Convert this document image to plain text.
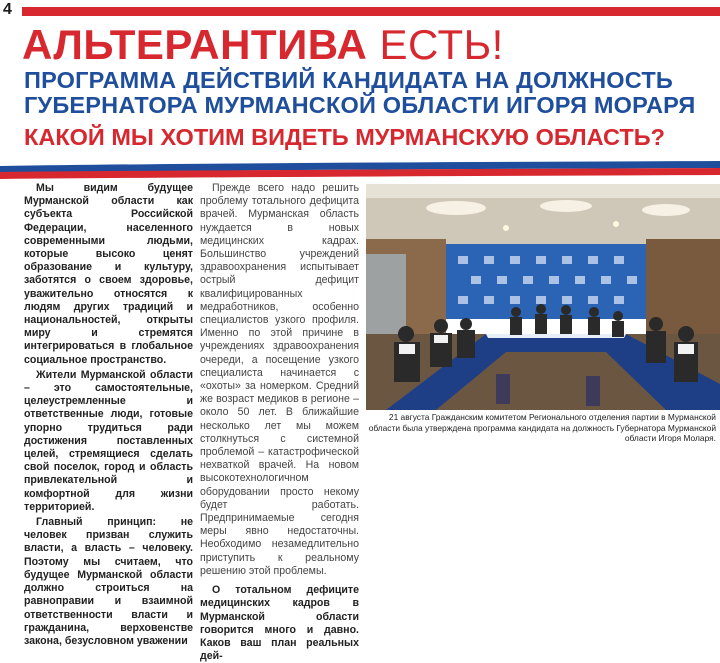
4
АЛЬТЕРАНТИВА ЕСТЬ!
ПРОГРАММА ДЕЙСТВИЙ КАНДИДАТА НА ДОЛЖНОСТЬ
ГУБЕРНАТОРА МУРМАНСКОЙ ОБЛАСТИ ИГОРЯ МОРАРЯ
КАКОЙ МЫ ХОТИМ ВИДЕТЬ МУРМАНСКУЮ ОБЛАСТЬ?

Мы видим будущее Мурманской области как субъекта Российской Федерации, населенного современными людьми, которые высоко ценят образование и культуру, заботятся о своем здоровье, уважительно относятся к людям других традиций и национальностей, открыты миру и стремятся интегрироваться в глобальное социальное пространство.

Жители Мурманской области – это самостоятельные, целеустремленные и ответственные люди, готовые упорно трудиться ради достижения поставленных целей, стремящиеся сделать свой поселок, город и область привлекательной и комфортной для жизни территорией.

Главный принцип: не человек призван служить власти, а власть – человеку. Поэтому мы считаем, что будущее Мурманской области должно строиться на равноправии и взаимной ответственности власти и гражданина, верховенстве закона, безусловном уважении

Прежде всего надо решить проблему тотального дефицита врачей. Мурманская область нуждается в новых медицинских кадрах. Большинство учреждений здравоохранения испытывает острый дефицит квалифицированных медработников, особенно специалистов узкого профиля. Именно по этой причине в учреждениях здравоохранения очереди, а посещение узкого специалиста начинается с «охоты» за номерком. Средний же возраст медиков в регионе – около 50 лет. В ближайшие несколько лет мы можем столкнуться с системной проблемой – катастрофической нехваткой врачей. На новом высокотехнологичном оборудовании просто некому будет работать. Предпринимаемые сегодня меры явно недостаточны. Необходимо незамедлительно приступить к реальному решению этой проблемы.

О тотальном дефиците медицинских кадров в Мурманской области говорится много и давно. Каков ваш план реальных дей-

21 августа Гражданским комитетом Регионального отделения партии в Мурманской области была утверждена программа кандидата на должность Губернатора Мурманской области Игоря Моларя.
